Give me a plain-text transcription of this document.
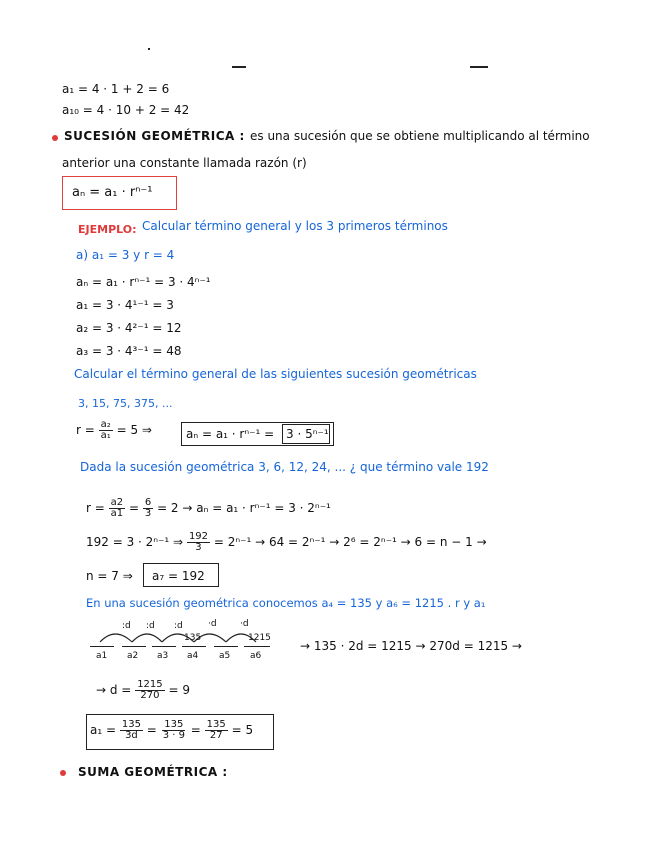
a₁ = 4 · 1 + 2 = 6
a₁₀ = 4 · 10 + 2 = 42
SUCESIÓN GEOMÉTRICA : es una sucesión que se obtiene multiplicando al término
anterior una constante llamada razón (r)
aₙ = a₁ · rⁿ⁻¹
EJEMPLO: Calcular término general y los 3 primeros términos
a) a₁ = 3 y r = 4
aₙ = a₁ · rⁿ⁻¹ = 3 · 4ⁿ⁻¹
a₁ = 3 · 4¹⁻¹ = 3
a₂ = 3 · 4²⁻¹ = 12
a₃ = 3 · 4³⁻¹ = 48
Calcular el término general de las siguientes sucesión geométricas
3, 15, 75, 375, ...
$r = \frac{\text{a₂}}{\text{a₁}} = 5$ ⇒	aₙ = a₁ · rⁿ⁻¹ = 3 · 5ⁿ⁻¹
Dada la sucesión geométrica 3, 6, 12, 24, ... ¿ que término vale 192
$r = \frac{a2}{a1} = \frac{6}{3} = 2 \to a_n = a_1 \cdot r^{n-1} = 3 \cdot 2^{n-1}$
192 = 3 · 2ⁿ⁻¹ ⇒ $\frac{192}{3} = 2^{n-1} \to 64 = 2^{n-1} \to 2^6 = 2^{n-1} \to 6 = n - 1$ →
n = 7 ⇒ a₇ = 192
En una sucesión geométrica conocemos a₄ = 135 y a₆ = 1215 . r y a₁
:d :d :d	·d	·d
135	1215
a1 a2 a3 a4 a5 a6
→ 135 · 2d = 1215 → 270d = 1215 →
→ $d = \frac{1215}{270} = 9$
$a_1 = \frac{135}{3d} = \frac{135}{3 \cdot 9} = \frac{135}{27} = 5$
SUMA GEOMÉTRICA :
